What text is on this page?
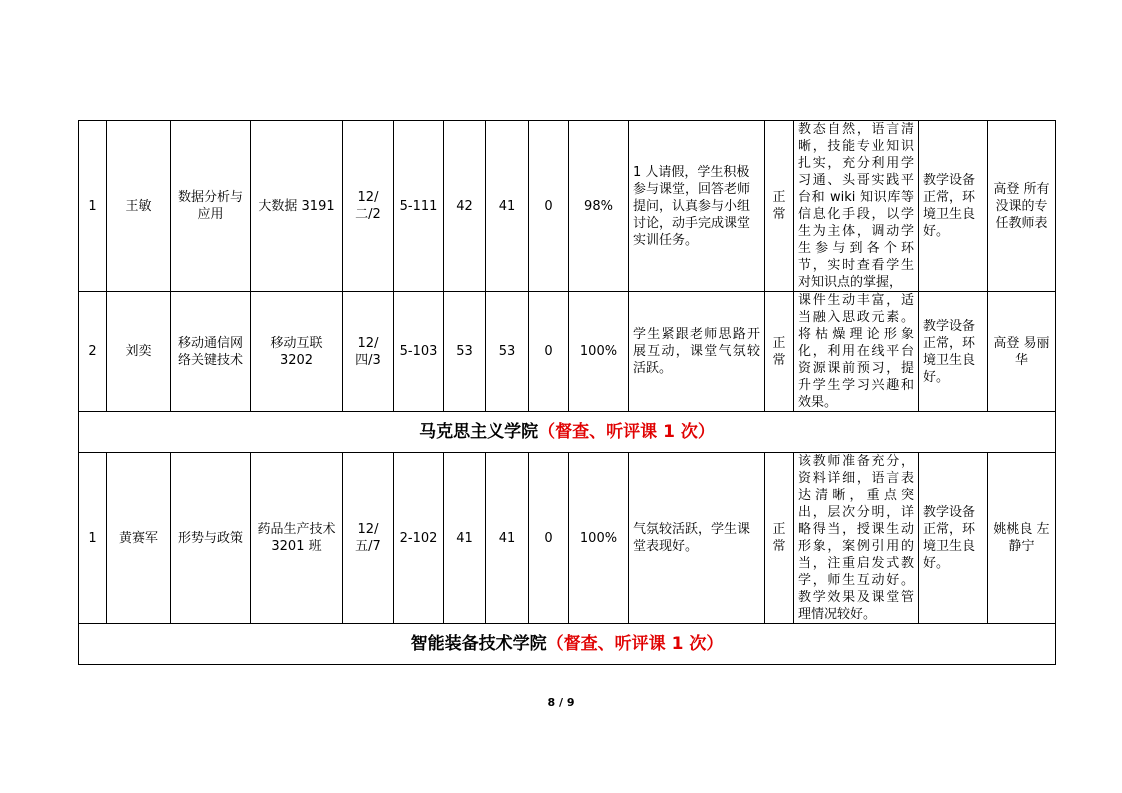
1	王敏	数据分析与应用	大数据 3191	12/二/2	5-111	42	41	0	98%	1 人请假，学生积极参与课堂，回答老师提问，认真参与小组讨论，动手完成课堂实训任务。	正常	教态自然，语言清晰，技能专业知识扎实，充分利用学习通、头哥实践平台和 wiki 知识库等信息化手段，以学生为主体，调动学生参与到各个环节，实时查看学生对知识点的掌握，	教学设备正常，环境卫生良好。	高登 所有没课的专任教师表
2	刘奕	移动通信网络关键技术	移动互联 3202	12/四/3	5-103	53	53	0	100%	学生紧跟老师思路开展互动，课堂气氛较活跃。	正常	课件生动丰富，适当融入思政元素。将枯燥理论形象化，利用在线平台资源课前预习，提升学生学习兴趣和效果。	教学设备正常，环境卫生良好。	高登 易丽华
马克思主义学院（督查、听评课 1 次）														
1	黄赛军	形势与政策	药品生产技术 3201 班	12/五/7	2-102	41	41	0	100%	气氛较活跃，学生课堂表现好。	正常	该教师准备充分，资料详细，语言表达清晰，重点突出，层次分明，详略得当，授课生动形象，案例引用的当，注重启发式教学，师生互动好。教学效果及课堂管理情况较好。	教学设备正常，环境卫生良好。	姚桃良 左静宁
智能装备技术学院（督查、听评课 1 次）														
8 / 9
